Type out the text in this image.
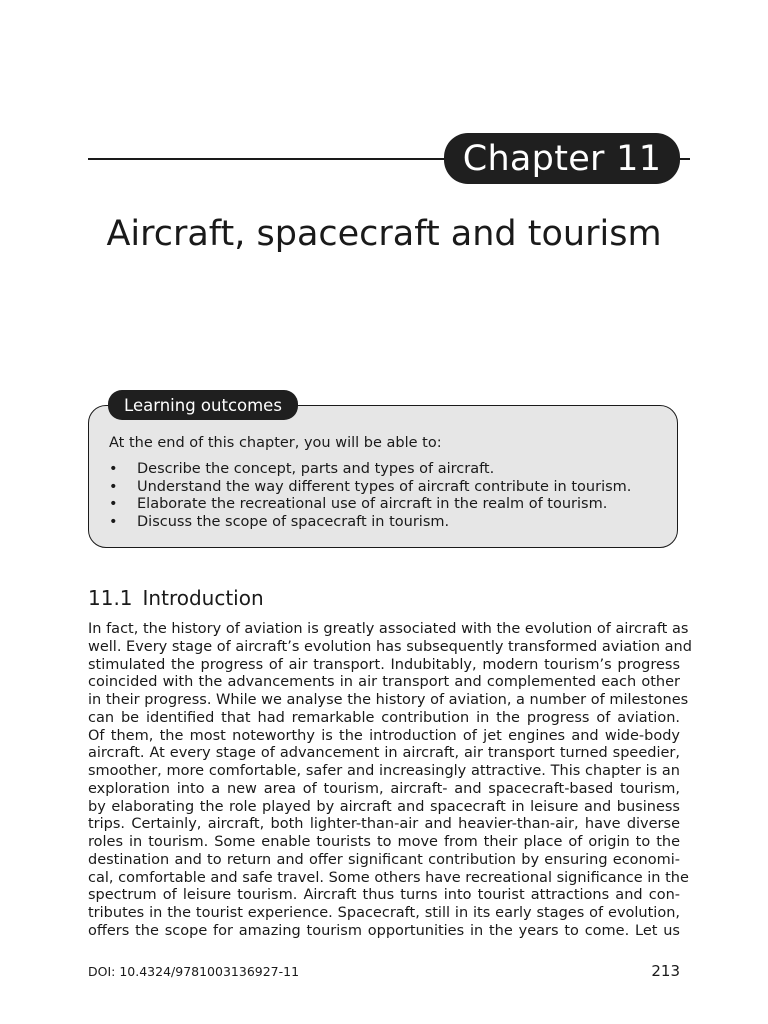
Chapter 11
Aircraft, spacecraft and tourism
Learning outcomes
At the end of this chapter, you will be able to:
• Describe the concept, parts and types of aircraft.
• Understand the way different types of aircraft contribute in tourism.
• Elaborate the recreational use of aircraft in the realm of tourism.
• Discuss the scope of spacecraft in tourism.
11.1 Introduction
In fact, the history of aviation is greatly associated with the evolution of aircraft as
well. Every stage of aircraft’s evolution has subsequently transformed aviation and
stimulated the progress of air transport. Indubitably, modern tourism’s progress
coincided with the advancements in air transport and complemented each other
in their progress. While we analyse the history of aviation, a number of milestones
can be identified that had remarkable contribution in the progress of aviation.
Of them, the most noteworthy is the introduction of jet engines and wide-body
aircraft. At every stage of advancement in aircraft, air transport turned speedier,
smoother, more comfortable, safer and increasingly attractive. This chapter is an
exploration into a new area of tourism, aircraft- and spacecraft-based tourism,
by elaborating the role played by aircraft and spacecraft in leisure and business
trips. Certainly, aircraft, both lighter-than-air and heavier-than-air, have diverse
roles in tourism. Some enable tourists to move from their place of origin to the
destination and to return and offer significant contribution by ensuring economi-
cal, comfortable and safe travel. Some others have recreational significance in the
spectrum of leisure tourism. Aircraft thus turns into tourist attractions and con-
tributes in the tourist experience. Spacecraft, still in its early stages of evolution,
offers the scope for amazing tourism opportunities in the years to come. Let us
DOI: 10.4324/9781003136927-11	213
